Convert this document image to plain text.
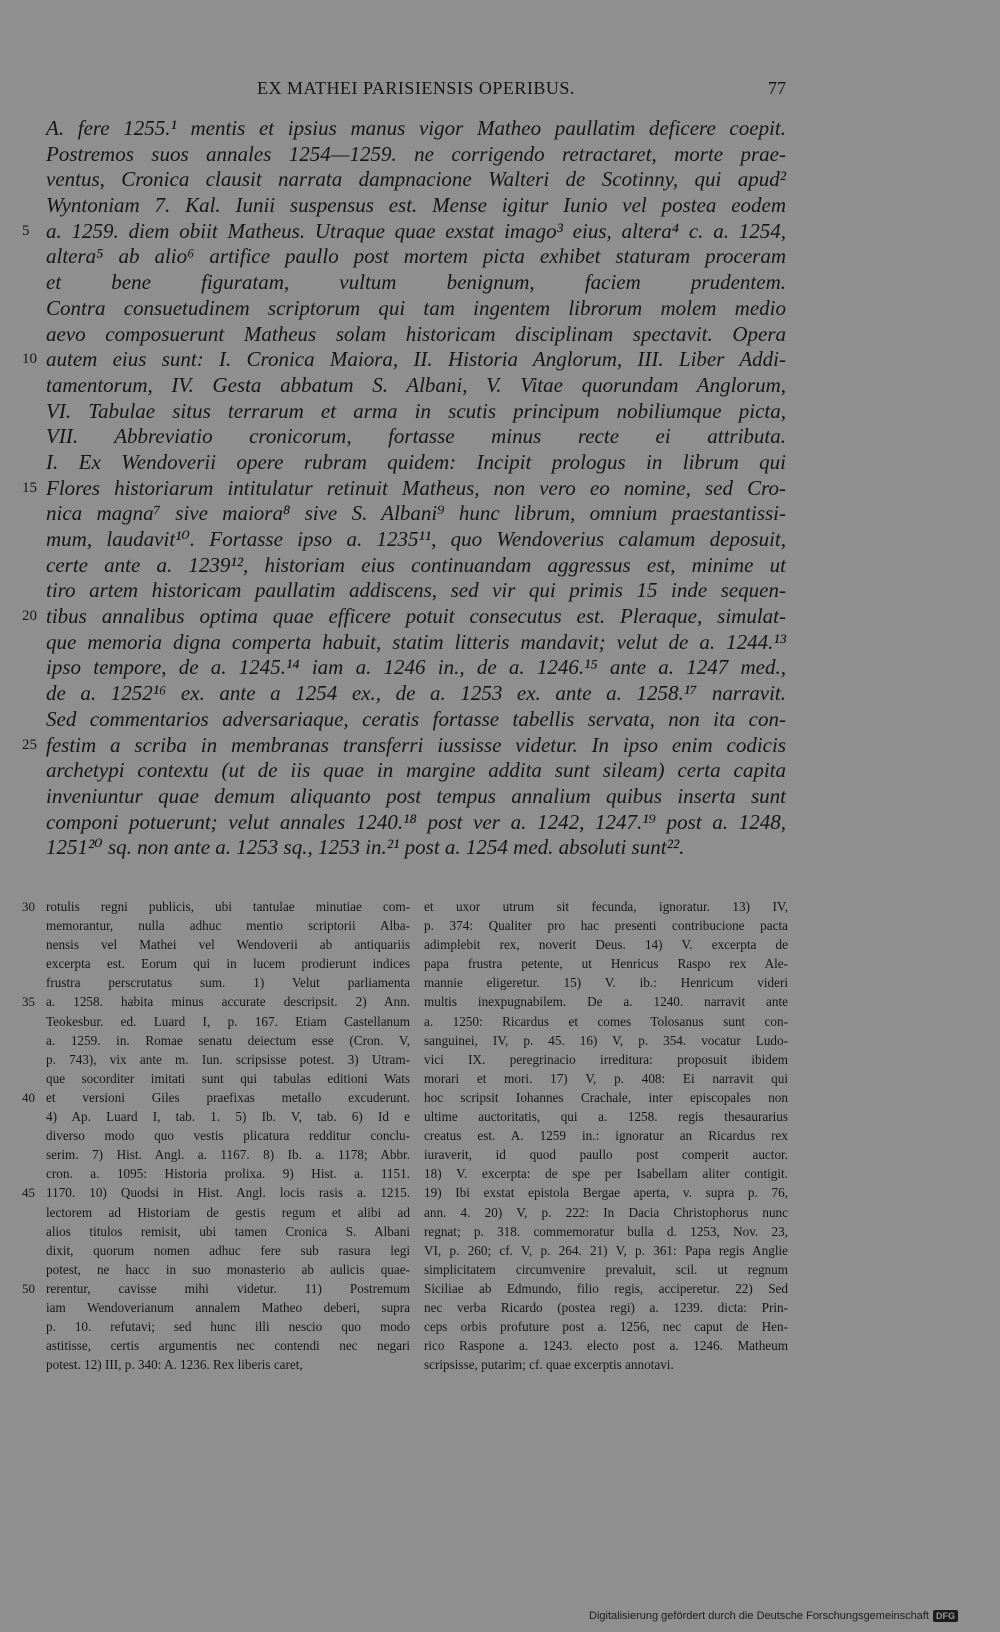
EX MATHEI PARISIENSIS OPERIBUS.	77
A. fere 1255.¹ mentis et ipsius manus vigor Matheo paullatim deficere coepit.
Postremos suos annales 1254—1259. ne corrigendo retractaret, morte prae-
ventus, Cronica clausit narrata dampnacione Walteri de Scotinny, qui apud²
Wyntoniam 7. Kal. Iunii suspensus est. Mense igitur Iunio vel postea eodem
5 a. 1259. diem obiit Matheus. Utraque quae exstat imago³ eius, altera⁴ c. a. 1254,
altera⁵ ab alio⁶ artifice paullo post mortem picta exhibet staturam proceram
et bene figuratam, vultum benignum, faciem prudentem.
Contra consuetudinem scriptorum qui tam ingentem librorum molem medio
aevo composuerunt Matheus solam historicam disciplinam spectavit. Opera
10 autem eius sunt: I. Cronica Maiora, II. Historia Anglorum, III. Liber Addi-
tamentorum, IV. Gesta abbatum S. Albani, V. Vitae quorundam Anglorum,
VI. Tabulae situs terrarum et arma in scutis principum nobiliumque picta,
VII. Abbreviatio cronicorum, fortasse minus recte ei attributa.
I. Ex Wendoverii opere rubram quidem: Incipit prologus in librum qui
15 Flores historiarum intitulatur retinuit Matheus, non vero eo nomine, sed Cro-
nica magna⁷ sive maiora⁸ sive S. Albani⁹ hunc librum, omnium praestantissi-
mum, laudavit¹⁰. Fortasse ipso a. 1235¹¹, quo Wendoverius calamum deposuit,
certe ante a. 1239¹², historiam eius continuandam aggressus est, minime ut
tiro artem historicam paullatim addiscens, sed vir qui primis 15 inde sequen-
20 tibus annalibus optima quae efficere potuit consecutus est. Pleraque, simulat-
que memoria digna comperta habuit, statim litteris mandavit; velut de a. 1244.¹³
ipso tempore, de a. 1245.¹⁴ iam a. 1246 in., de a. 1246.¹⁵ ante a. 1247 med.,
de a. 1252¹⁶ ex. ante a 1254 ex., de a. 1253 ex. ante a. 1258.¹⁷ narravit.
Sed commentarios adversariaque, ceratis fortasse tabellis servata, non ita con-
25 festim a scriba in membranas transferri iussisse videtur. In ipso enim codicis
archetypi contextu (ut de iis quae in margine addita sunt sileam) certa capita
inveniuntur quae demum aliquanto post tempus annalium quibus inserta sunt
componi potuerunt; velut annales 1240.¹⁸ post ver a. 1242, 1247.¹⁹ post a. 1248,
1251²⁰ sq. non ante a. 1253 sq., 1253 in.²¹ post a. 1254 med. absoluti sunt²².
30 rotulis regni publicis, ubi tantulae minutiae com-
memorantur, nulla adhuc mentio scriptorii Alba-
nensis vel Mathei vel Wendoverii ab antiquariis
excerpta est. Eorum qui in lucem prodierunt indices
frustra perscrutatus sum. 1) Velut parliamenta
35 a. 1258. habita minus accurate descripsit. 2) Ann.
Teokesbur. ed. Luard I, p. 167. Etiam Castellanum
a. 1259. in. Romae senatu deiectum esse (Cron. V,
p. 743), vix ante m. Iun. scripsisse potest. 3) Utram-
que socorditer imitati sunt qui tabulas editioni Wats
40 et versioni Giles praefixas metallo excuderunt.
4) Ap. Luard I, tab. 1. 5) Ib. V, tab. 6) Id e
diverso modo quo vestis plicatura redditur conclu-
serim. 7) Hist. Angl. a. 1167. 8) Ib. a. 1178; Abbr.
cron. a. 1095: Historia prolixa. 9) Hist. a. 1151.
45 1170. 10) Quodsi in Hist. Angl. locis rasis a. 1215.
lectorem ad Historiam de gestis regum et alibi ad
alios titulos remisit, ubi tamen Cronica S. Albani
dixit, quorum nomen adhuc fere sub rasura legi
potest, ne hacc in suo monasterio ab aulicis quae-
50 rerentur, cavisse mihi videtur. 11) Postremum
iam Wendoverianum annalem Matheo deberi, supra
p. 10. refutavi; sed hunc illi nescio quo modo
astitisse, certis argumentis nec contendi nec negari
potest. 12) III, p. 340: A. 1236. Rex liberis caret,
et uxor utrum sit fecunda, ignoratur. 13) IV,
p. 374: Qualiter pro hac presenti contribucione pacta
adimplebit rex, noverit Deus. 14) V. excerpta de
papa frustra petente, ut Henricus Raspo rex Ale-
mannie eligeretur. 15) V. ib.: Henricum videri
multis inexpugnabilem. De a. 1240. narravit ante
a. 1250: Ricardus et comes Tolosanus sunt con-
sanguinei, IV, p. 45. 16) V, p. 354. vocatur Ludo-
vici IX. peregrinacio irreditura: proposuit ibidem
morari et mori. 17) V, p. 408: Ei narravit qui
hoc scripsit Iohannes Crachale, inter episcopales non
ultime auctoritatis, qui a. 1258. regis thesaurarius
creatus est. A. 1259 in.: ignoratur an Ricardus rex
iuraverit, id quod paullo post comperit auctor.
18) V. excerpta: de spe per Isabellam aliter contigit.
19) Ibi exstat epistola Bergae aperta, v. supra p. 76,
ann. 4. 20) V, p. 222: In Dacia Christophorus nunc
regnat; p. 318. commemoratur bulla d. 1253, Nov. 23,
VI, p. 260; cf. V, p. 264. 21) V, p. 361: Papa regis Anglie
simplicitatem circumvenire prevaluit, scil. ut regnum
Siciliae ab Edmundo, filio regis, acciperetur. 22) Sed
nec verba Ricardo (postea regi) a. 1239. dicta: Prin-
ceps orbis profuture post a. 1256, nec caput de Hen-
rico Raspone a. 1243. electo post a. 1246. Matheum
scripsisse, putarim; cf. quae excerptis annotavi.
Digitalisierung gefördert durch die Deutsche Forschungsgemeinschaft DFG
